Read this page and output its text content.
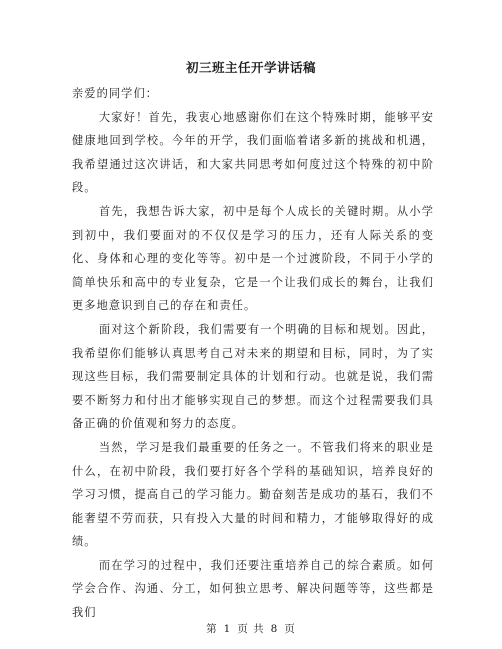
初三班主任开学讲话稿

亲爱的同学们：

大家好！首先，我衷心地感谢你们在这个特殊时期，能够平安健康地回到学校。今年的开学，我们面临着诸多新的挑战和机遇，我希望通过这次讲话，和大家共同思考如何度过这个特殊的初中阶段。

首先，我想告诉大家，初中是每个人成长的关键时期。从小学到初中，我们要面对的不仅仅是学习的压力，还有人际关系的变化、身体和心理的变化等等。初中是一个过渡阶段，不同于小学的简单快乐和高中的专业复杂，它是一个让我们成长的舞台，让我们更多地意识到自己的存在和责任。

面对这个新阶段，我们需要有一个明确的目标和规划。因此，我希望你们能够认真思考自己对未来的期望和目标，同时，为了实现这些目标，我们需要制定具体的计划和行动。也就是说，我们需要不断努力和付出才能够实现自己的梦想。而这个过程需要我们具备正确的价值观和努力的态度。

当然，学习是我们最重要的任务之一。不管我们将来的职业是什么，在初中阶段，我们要打好各个学科的基础知识，培养良好的学习习惯，提高自己的学习能力。勤奋刻苦是成功的基石，我们不能奢望不劳而获，只有投入大量的时间和精力，才能够取得好的成绩。

而在学习的过程中，我们还要注重培养自己的综合素质。如何学会合作、沟通、分工，如何独立思考、解决问题等等，这些都是我们

第 1 页 共 8 页
